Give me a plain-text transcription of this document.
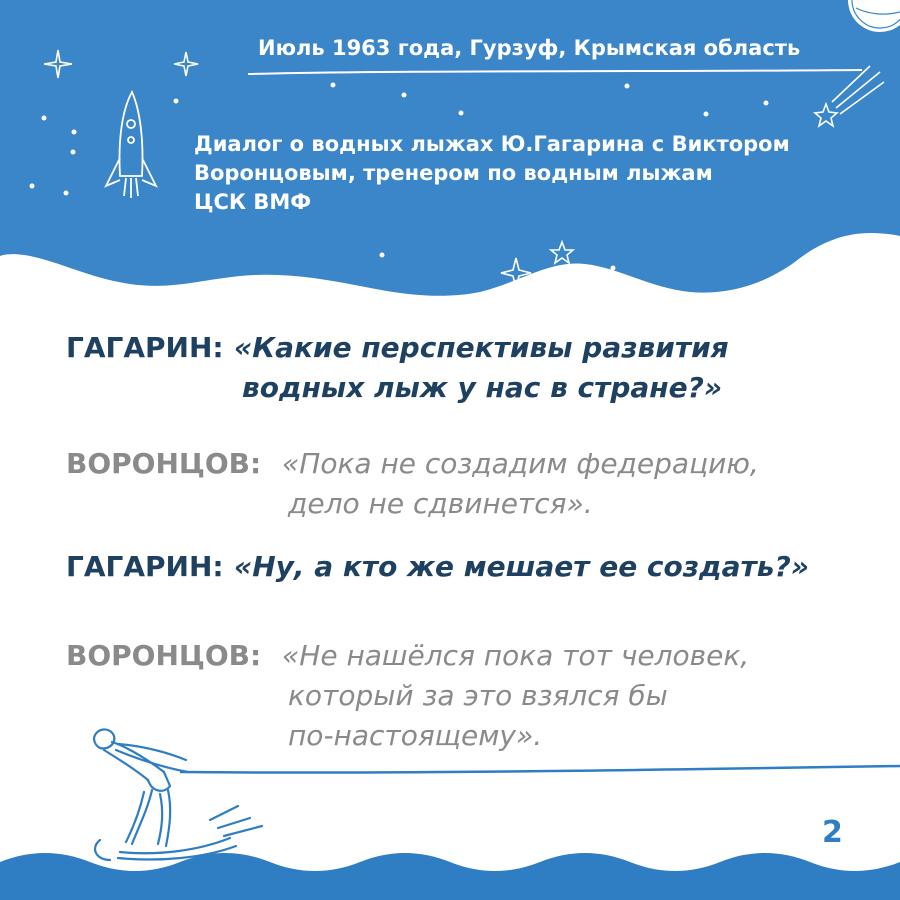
Июль 1963 года, Гурзуф, Крымская область
Диалог о водных лыжах Ю.Гагарина с Виктором
Воронцовым, тренером по водным лыжам
ЦСК ВМФ
ГАГАРИН: «Какие перспективы развития
водных лыж у нас в стране?»
ВОРОНЦОВ: «Пока не создадим федерацию,
дело не сдвинется».
ГАГАРИН: «Ну, а кто же мешает ее создать?»
ВОРОНЦОВ: «Не нашёлся пока тот человек,
который за это взялся бы
по-настоящему».
2
